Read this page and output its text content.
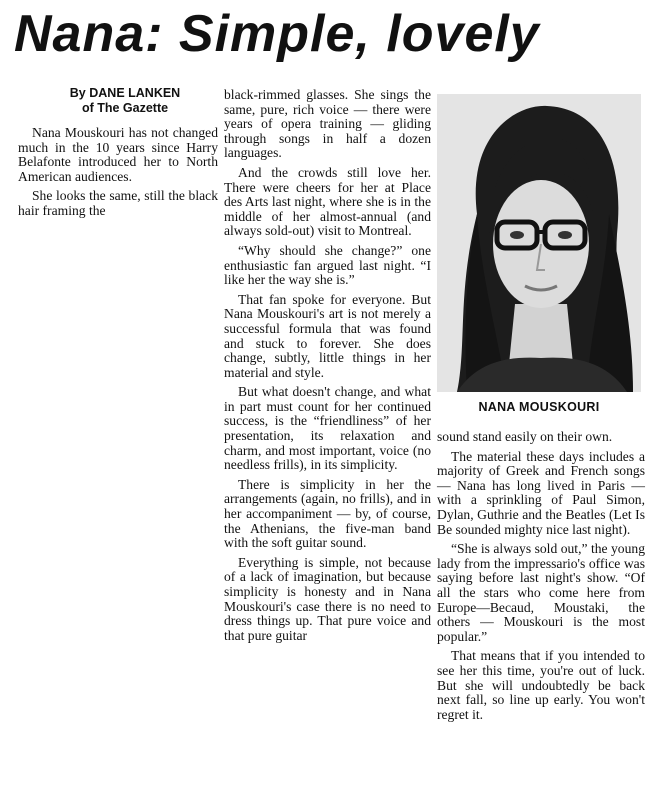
Nana: Simple, lovely
By DANE LANKEN
of The Gazette

Nana Mouskouri has not changed much in the 10 years since Harry Belafonte introduced her to North American audiences.

She looks the same, still the black hair framing the

black-rimmed glasses. She sings the same, pure, rich voice — there were years of opera training — gliding through songs in half a dozen languages.

And the crowds still love her. There were cheers for her at Place des Arts last night, where she is in the middle of her almost-annual (and always sold-out) visit to Montreal.

“Why should she change?” one enthusiastic fan argued last night. “I like her the way she is.”

That fan spoke for everyone. But Nana Mouskouri's art is not merely a successful formula that was found and stuck to forever. She does change, subtly, little things in her material and style.

But what doesn't change, and what in part must count for her continued success, is the “friendliness” of her presentation, its relaxation and charm, and most important, voice (no needless frills), in its simplicity.

There is simplicity in her the arrangements (again, no frills), and in her accompaniment — by, of course, the Athenians, the five-man band with the soft guitar sound.

Everything is simple, not because of a lack of imagination, but because simplicity is honesty and in Nana Mouskouri's case there is no need to dress things up. That pure voice and that pure guitar

NANA MOUSKOURI

sound stand easily on their own.

The material these days includes a majority of Greek and French songs — Nana has long lived in Paris — with a sprinkling of Paul Simon, Dylan, Guthrie and the Beatles (Let Is Be sounded mighty nice last night).

“She is always sold out,” the young lady from the impressario's office was saying before last night's show. “Of all the stars who come here from Europe—Becaud, Moustaki, the others — Mouskouri is the most popular.”

That means that if you intended to see her this time, you're out of luck. But she will undoubtedly be back next fall, so line up early. You won't regret it.
